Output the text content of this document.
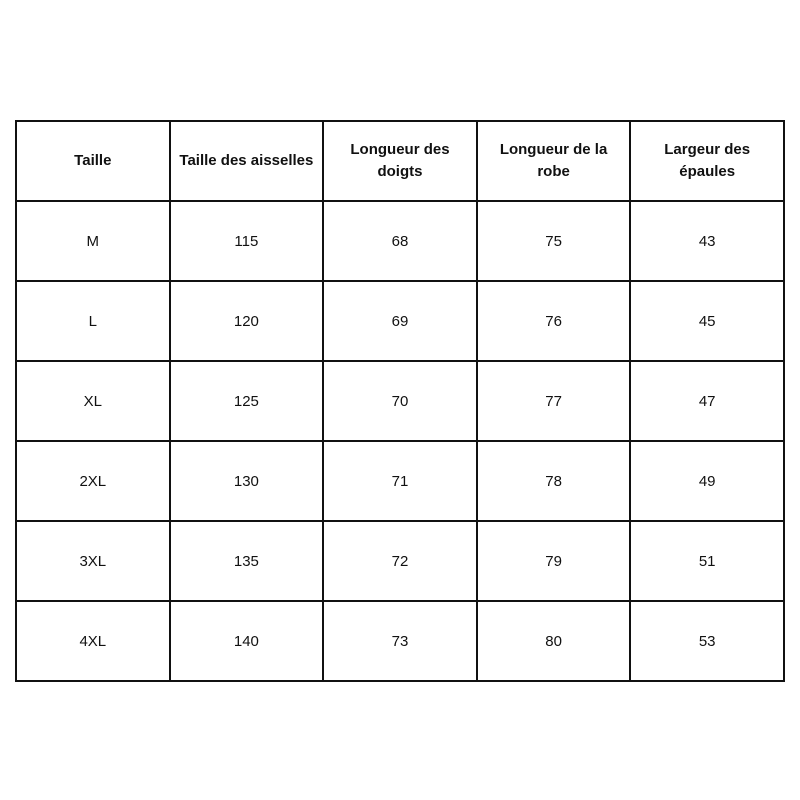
Taille	Taille des aisselles	Longueur des doigts	Longueur de la robe	Largeur des épaules
M	115	68	75	43
L	120	69	76	45
XL	125	70	77	47
2XL	130	71	78	49
3XL	135	72	79	51
4XL	140	73	80	53
